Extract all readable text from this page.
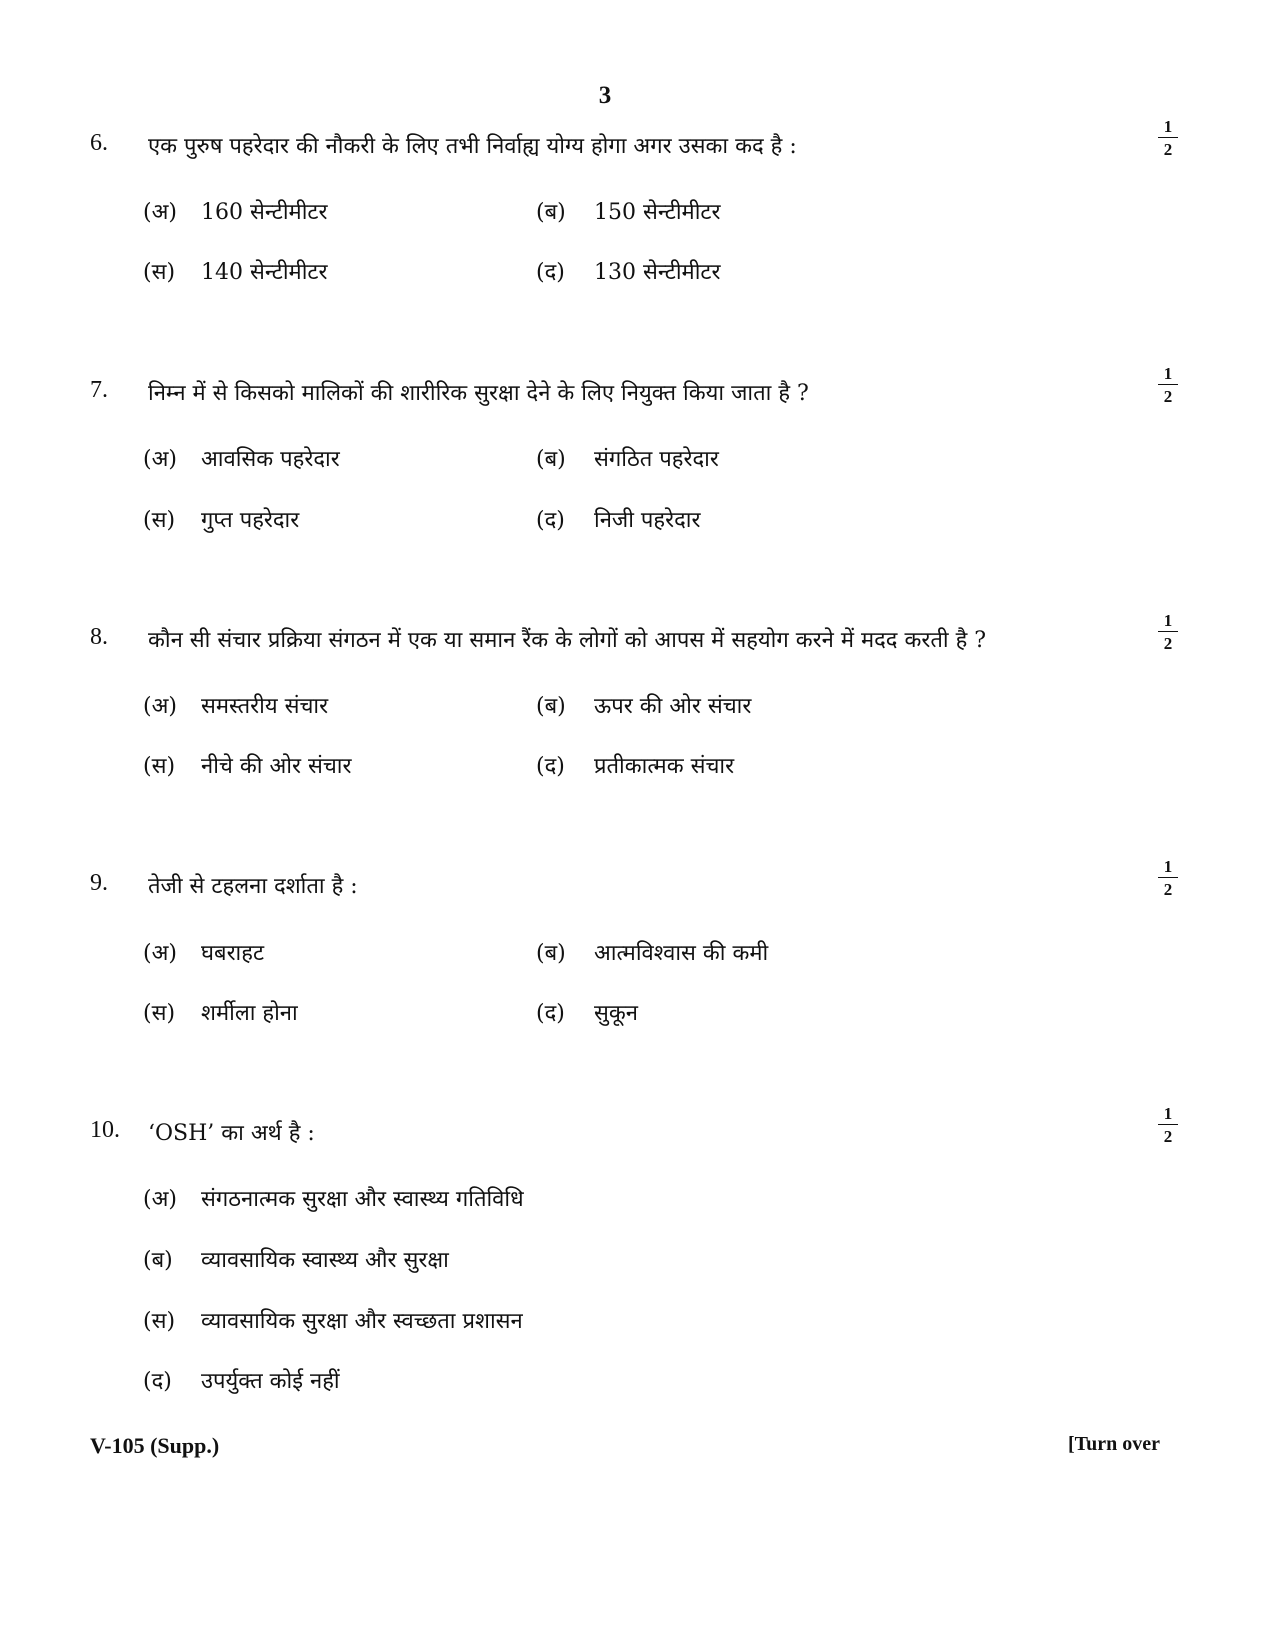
3
6. एक पुरुष पहरेदार की नौकरी के लिए तभी निर्वाह्य योग्य होगा अगर उसका कद है :	$\frac{1}{2}$
(अ) 160 सेन्टीमीटर	(ब) 150 सेन्टीमीटर
(स) 140 सेन्टीमीटर	(द) 130 सेन्टीमीटर
7. निम्न में से किसको मालिकों की शारीरिक सुरक्षा देने के लिए नियुक्त किया जाता है ?	$\frac{1}{2}$
(अ) आवसिक पहरेदार	(ब) संगठित पहरेदार
(स) गुप्त पहरेदार	(द) निजी पहरेदार
8. कौन सी संचार प्रक्रिया संगठन में एक या समान रैंक के लोगों को आपस में सहयोग करने में मदद करती है ?	$\frac{1}{2}$
(अ) समस्तरीय संचार	(ब) ऊपर की ओर संचार
(स) नीचे की ओर संचार	(द) प्रतीकात्मक संचार
9. तेजी से टहलना दर्शाता है :	$\frac{1}{2}$
(अ) घबराहट	(ब) आत्मविश्वास की कमी
(स) शर्मीला होना	(द) सुकून
10. ‘OSH’ का अर्थ है :	$\frac{1}{2}$
(अ) संगठनात्मक सुरक्षा और स्वास्थ्य गतिविधि
(ब) व्यावसायिक स्वास्थ्य और सुरक्षा
(स) व्यावसायिक सुरक्षा और स्वच्छता प्रशासन
(द) उपर्युक्त कोई नहीं
V-105 (Supp.)	[Turn over
